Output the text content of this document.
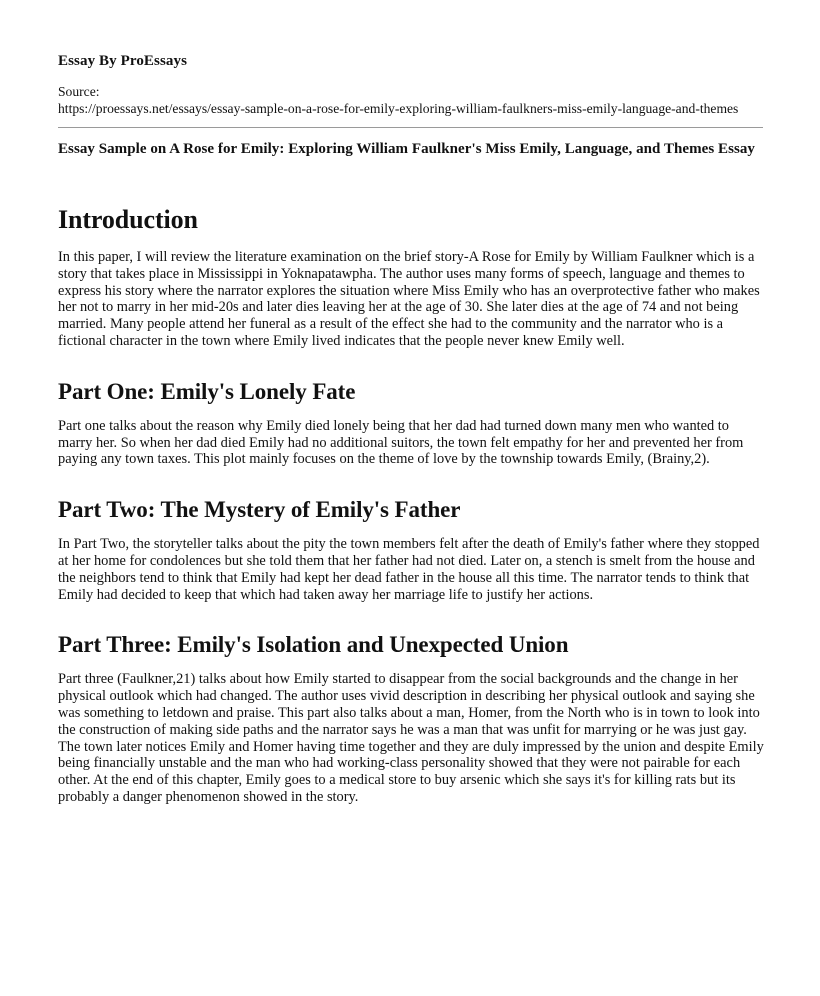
Essay By ProEssays
Source:
https://proessays.net/essays/essay-sample-on-a-rose-for-emily-exploring-william-faulkners-miss-emily-language-and-themes
Essay Sample on A Rose for Emily: Exploring William Faulkner's Miss Emily, Language, and Themes Essay
Introduction

In this paper, I will review the literature examination on the brief story-A Rose for Emily by William Faulkner which is a story that takes place in Mississippi in Yoknapatawpha. The author uses many forms of speech, language and themes to express his story where the narrator explores the situation where Miss Emily who has an overprotective father who makes her not to marry in her mid-20s and later dies leaving her at the age of 30. She later dies at the age of 74 and not being married. Many people attend her funeral as a result of the effect she had to the community and the narrator who is a fictional character in the town where Emily lived indicates that the people never knew Emily well.

Part One: Emily's Lonely Fate

Part one talks about the reason why Emily died lonely being that her dad had turned down many men who wanted to marry her. So when her dad died Emily had no additional suitors, the town felt empathy for her and prevented her from paying any town taxes. This plot mainly focuses on the theme of love by the township towards Emily, (Brainy,2).

Part Two: The Mystery of Emily's Father

In Part Two, the storyteller talks about the pity the town members felt after the death of Emily's father where they stopped at her home for condolences but she told them that her father had not died. Later on, a stench is smelt from the house and the neighbors tend to think that Emily had kept her dead father in the house all this time. The narrator tends to think that Emily had decided to keep that which had taken away her marriage life to justify her actions.

Part Three: Emily's Isolation and Unexpected Union

Part three (Faulkner,21) talks about how Emily started to disappear from the social backgrounds and the change in her physical outlook which had changed. The author uses vivid description in describing her physical outlook and saying she was something to letdown and praise. This part also talks about a man, Homer, from the North who is in town to look into the construction of making side paths and the narrator says he was a man that was unfit for marrying or he was just gay. The town later notices Emily and Homer having time together and they are duly impressed by the union and despite Emily being financially unstable and the man who had working-class personality showed that they were not pairable for each other. At the end of this chapter, Emily goes to a medical store to buy arsenic which she says it's for killing rats but its probably a danger phenomenon showed in the story.
